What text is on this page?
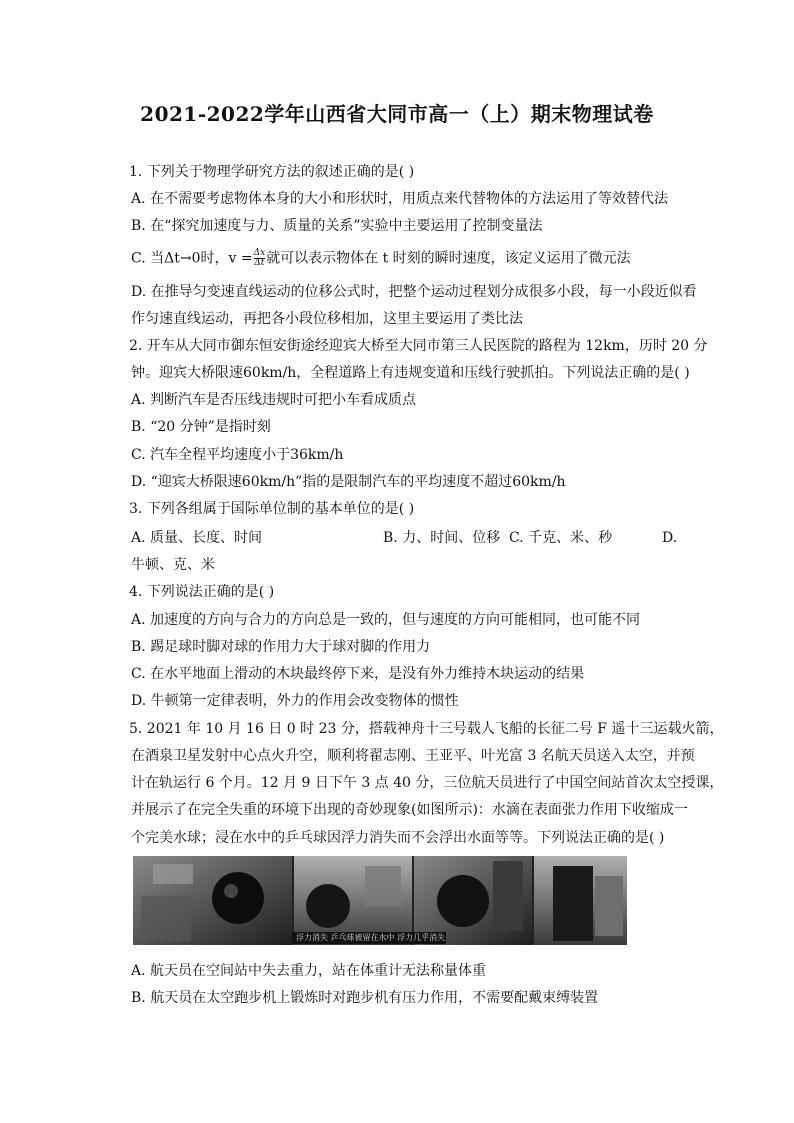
2021-2022学年山西省大同市高一（上）期末物理试卷
1. 下列关于物理学研究方法的叙述正确的是( )
A. 在不需要考虑物体本身的大小和形状时，用质点来代替物体的方法运用了等效替代法
B. 在“探究加速度与力、质量的关系”实验中主要运用了控制变量法
C. 当Δt→0时，$v = \frac{\Delta x}{\Delta t}$ 就可以表示物体在 t 时刻的瞬时速度，该定义运用了微元法
D. 在推导匀变速直线运动的位移公式时，把整个运动过程划分成很多小段，每一小段近似看
作匀速直线运动，再把各小段位移相加，这里主要运用了类比法
2. 开车从大同市御东恒安街途经迎宾大桥至大同市第三人民医院的路程为 12km，历时 20 分
钟。迎宾大桥限速60km/h，全程道路上有违规变道和压线行驶抓拍。下列说法正确的是( )
A. 判断汽车是否压线违规时可把小车看成质点
B. “20 分钟”是指时刻
C. 汽车全程平均速度小于36km/h
D. “迎宾大桥限速60km/h”指的是限制汽车的平均速度不超过60km/h
3. 下列各组属于国际单位制的基本单位的是( )
A. 质量、长度、时间	B. 力、时间、位移 C. 千克、米、秒	D.
牛顿、克、米
4. 下列说法正确的是( )
A. 加速度的方向与合力的方向总是一致的，但与速度的方向可能相同，也可能不同
B. 踢足球时脚对球的作用力大于球对脚的作用力
C. 在水平地面上滑动的木块最终停下来，是没有外力维持木块运动的结果
D. 牛顿第一定律表明，外力的作用会改变物体的惯性
5. 2021 年 10 月 16 日 0 时 23 分，搭载神舟十三号载人飞船的长征二号 F 遥十三运载火箭，
在酒泉卫星发射中心点火升空，顺利将翟志刚、王亚平、叶光富 3 名航天员送入太空，并预
计在轨运行 6 个月。12 月 9 日下午 3 点 40 分，三位航天员进行了中国空间站首次太空授课，
并展示了在完全失重的环境下出现的奇妙现象(如图所示)：水滴在表面张力作用下收缩成一
个完美水球；浸在水中的乒乓球因浮力消失而不会浮出水面等等。下列说法正确的是( )
浮力消失 乒乓球被留在水中 浮力几乎消失
A. 航天员在空间站中失去重力，站在体重计无法称量体重
B. 航天员在太空跑步机上锻炼时对跑步机有压力作用，不需要配戴束缚装置
